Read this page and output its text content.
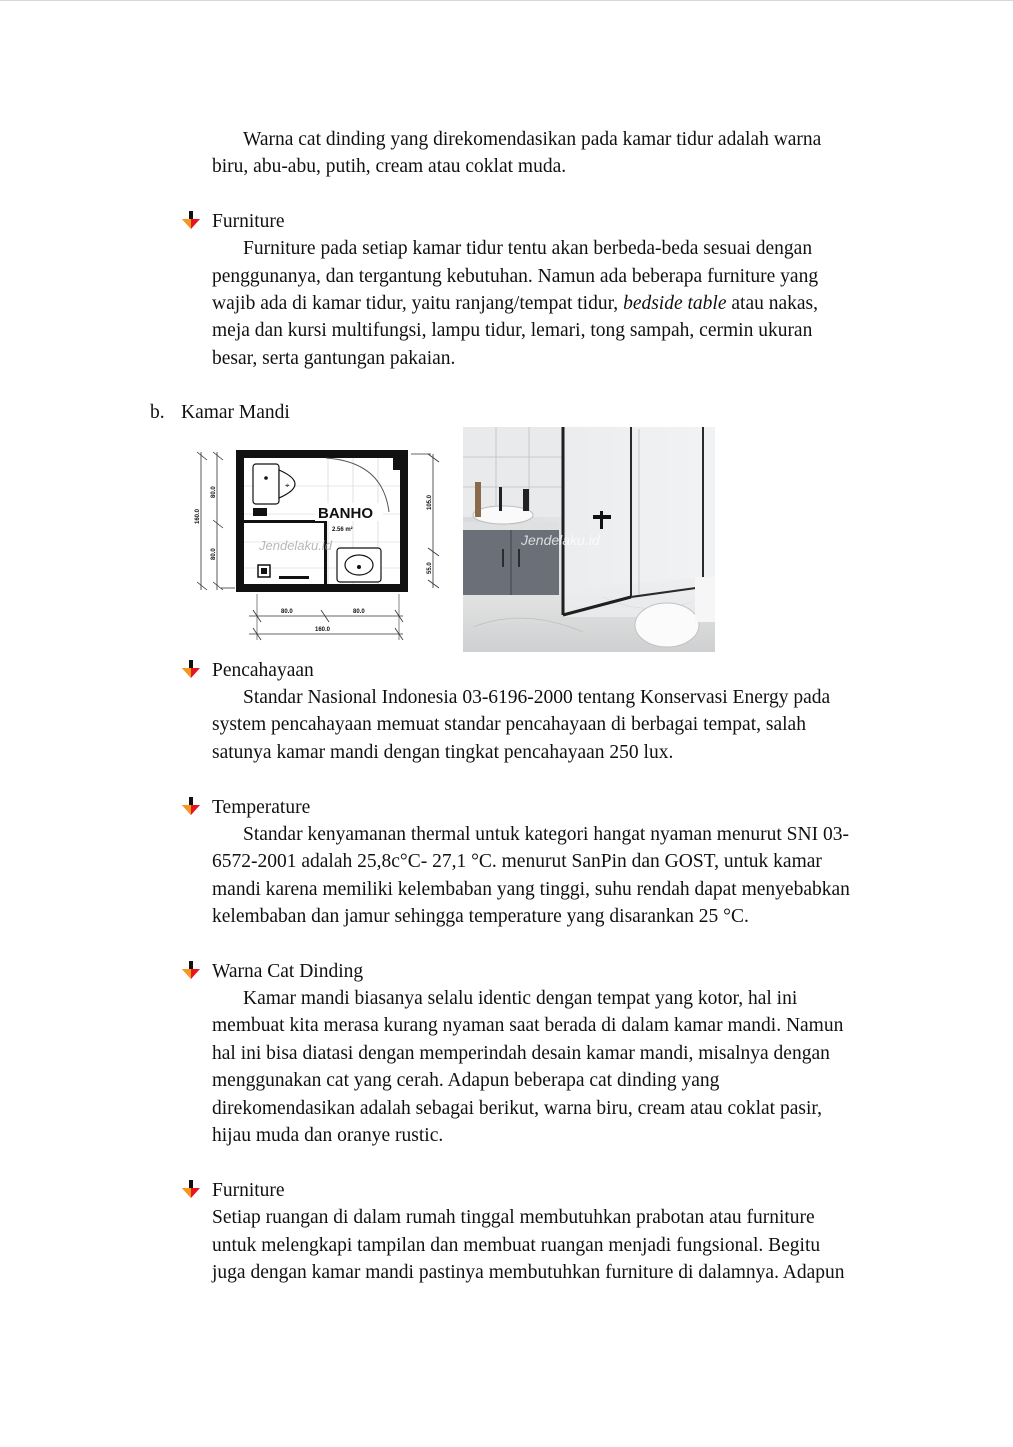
Warna cat dinding yang direkomendasikan pada kamar tidur adalah warna

biru, abu-abu, putih, cream atau coklat muda.

Furniture

Furniture pada setiap kamar tidur tentu akan berbeda-beda sesuai dengan

penggunanya, dan tergantung kebutuhan. Namun ada beberapa furniture yang

wajib ada di kamar tidur, yaitu ranjang/tempat tidur, bedside table atau nakas,

meja dan kursi multifungsi, lampu tidur, lemari, tong sampah, cermin ukuran

besar, serta gantungan pakaian.

b. Kamar Mandi

160.0
80.0
80.0
⌖
BANHO
2.56 m²
Jendelaku.id
105.0
55.0
80.0	80.0
160.0
Jendelaku.id

Pencahayaan

Standar Nasional Indonesia 03-6196-2000 tentang Konservasi Energy pada

system pencahayaan memuat standar pencahayaan di berbagai tempat, salah

satunya kamar mandi dengan tingkat pencahayaan 250 lux.

Temperature

Standar kenyamanan thermal untuk kategori hangat nyaman menurut SNI 03-

6572-2001 adalah 25,8c°C- 27,1 °C. menurut SanPin dan GOST, untuk kamar

mandi karena memiliki kelembaban yang tinggi, suhu rendah dapat menyebabkan

kelembaban dan jamur sehingga temperature yang disarankan 25 °C.

Warna Cat Dinding

Kamar mandi biasanya selalu identic dengan tempat yang kotor, hal ini

membuat kita merasa kurang nyaman saat berada di dalam kamar mandi. Namun

hal ini bisa diatasi dengan memperindah desain kamar mandi, misalnya dengan

menggunakan cat yang cerah. Adapun beberapa cat dinding yang

direkomendasikan adalah sebagai berikut, warna biru, cream atau coklat pasir,

hijau muda dan oranye rustic.

Furniture

Setiap ruangan di dalam rumah tinggal membutuhkan prabotan atau furniture

untuk melengkapi tampilan dan membuat ruangan menjadi fungsional. Begitu

juga dengan kamar mandi pastinya membutuhkan furniture di dalamnya. Adapun
